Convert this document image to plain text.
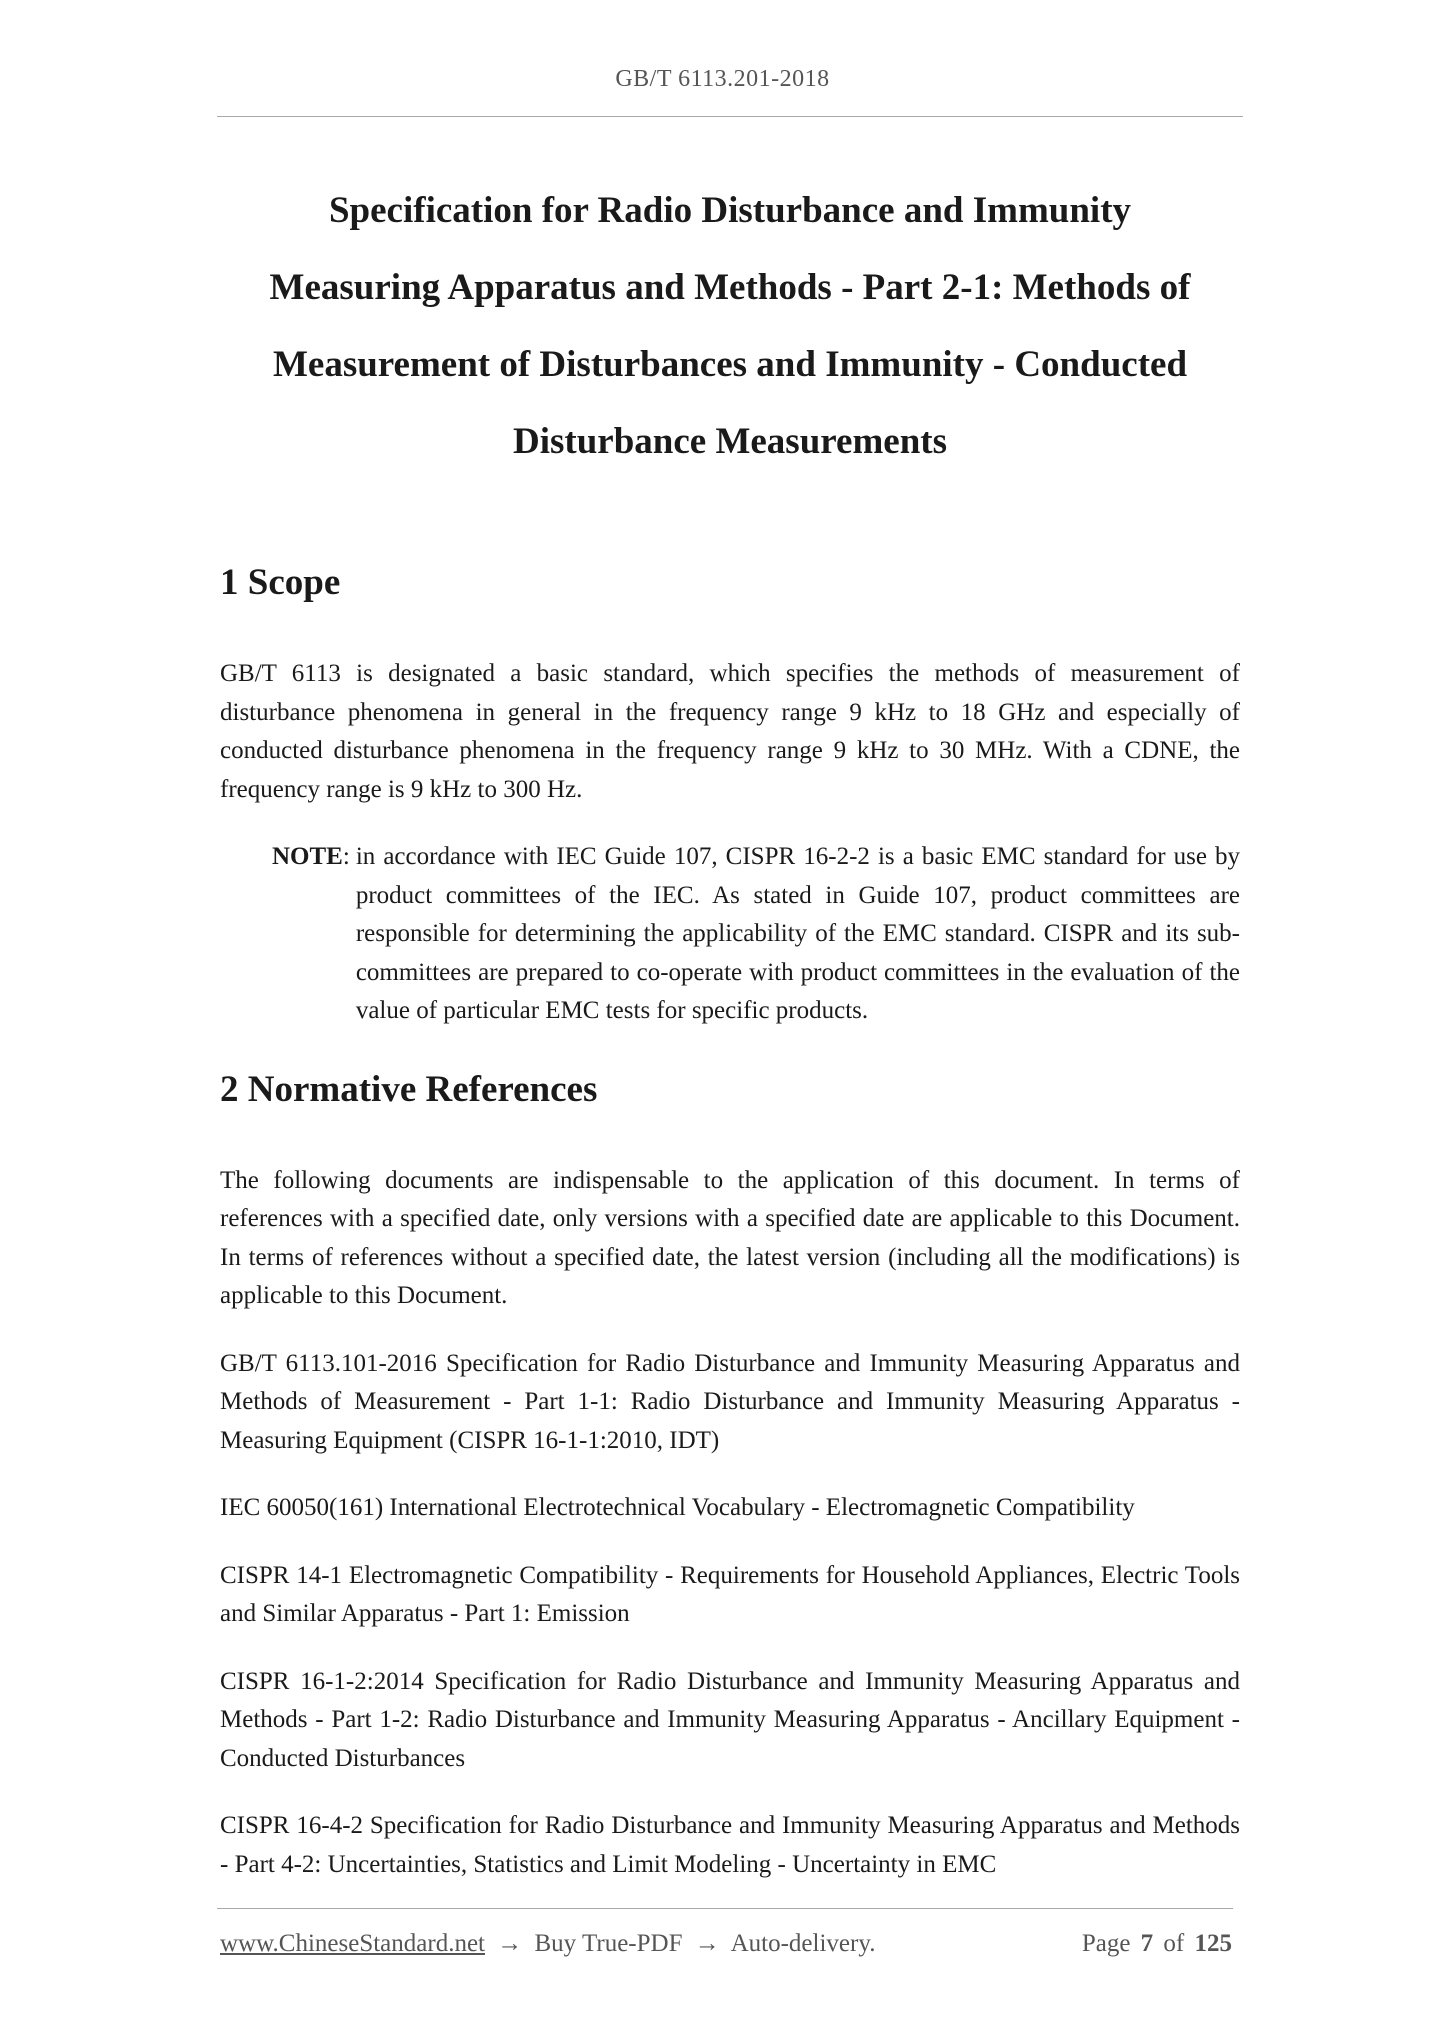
GB/T 6113.201-2018
Specification for Radio Disturbance and Immunity
Measuring Apparatus and Methods - Part 2-1: Methods of
Measurement of Disturbances and Immunity - Conducted
Disturbance Measurements
1 Scope

GB/T 6113 is designated a basic standard, which specifies the methods of measurement of disturbance phenomena in general in the frequency range 9 kHz to 18 GHz and especially of conducted disturbance phenomena in the frequency range 9 kHz to 30 MHz. With a CDNE, the frequency range is 9 kHz to 300 Hz.

NOTE : in accordance with IEC Guide 107, CISPR 16-2-2 is a basic EMC standard for use by product committees of the IEC. As stated in Guide 107, product committees are responsible for determining the applicability of the EMC standard. CISPR and its sub-committees are prepared to co-operate with product committees in the evaluation of the value of particular EMC tests for specific products.
2 Normative References

The following documents are indispensable to the application of this document. In terms of references with a specified date, only versions with a specified date are applicable to this Document. In terms of references without a specified date, the latest version (including all the modifications) is applicable to this Document.

GB/T 6113.101-2016 Specification for Radio Disturbance and Immunity Measuring Apparatus and Methods of Measurement - Part 1-1: Radio Disturbance and Immunity Measuring Apparatus - Measuring Equipment (CISPR 16-1-1:2010, IDT)

IEC 60050(161) International Electrotechnical Vocabulary - Electromagnetic Compatibility

CISPR 14-1 Electromagnetic Compatibility - Requirements for Household Appliances, Electric Tools and Similar Apparatus - Part 1: Emission

CISPR 16-1-2:2014 Specification for Radio Disturbance and Immunity Measuring Apparatus and Methods - Part 1-2: Radio Disturbance and Immunity Measuring Apparatus - Ancillary Equipment - Conducted Disturbances

CISPR 16-4-2 Specification for Radio Disturbance and Immunity Measuring Apparatus and Methods - Part 4-2: Uncertainties, Statistics and Limit Modeling - Uncertainty in EMC

www.ChineseStandard.net → Buy True-PDF → Auto-delivery.	Page 7 of 125
